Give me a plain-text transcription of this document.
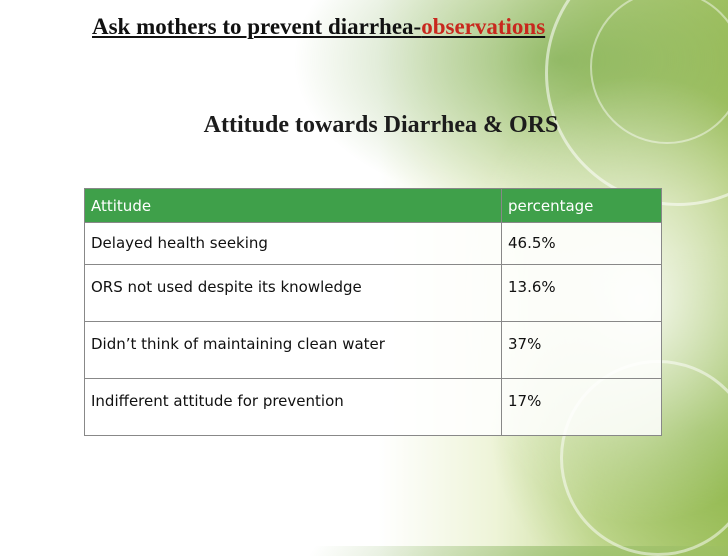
Ask mothers to prevent diarrhea-observations
Attitude towards Diarrhea & ORS
Attitude	percentage
Delayed health seeking	46.5%
ORS not used despite its knowledge	13.6%
Didn’t think of maintaining clean water	37%
Indifferent attitude for prevention	17%
